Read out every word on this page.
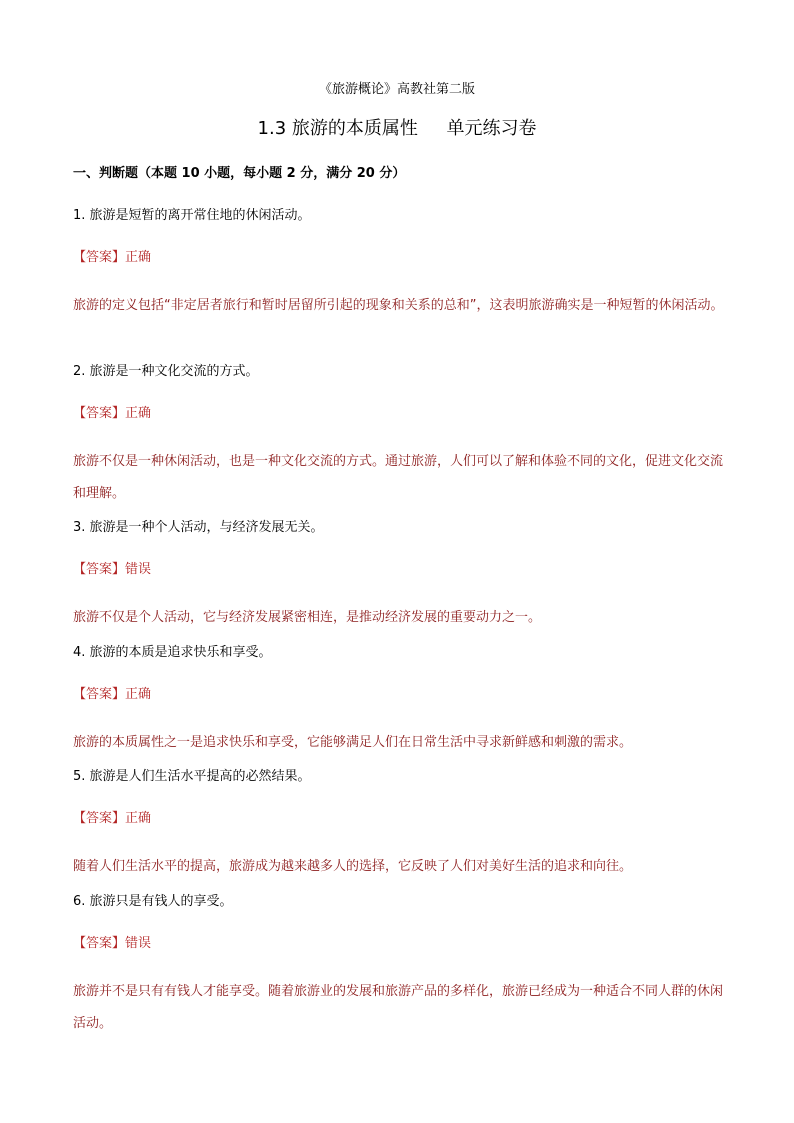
《旅游概论》高教社第二版
1.3 旅游的本质属性     单元练习卷
一、判断题（本题 10 小题，每小题 2 分，满分 20 分）
1. 旅游是短暂的离开常住地的休闲活动。
【答案】正确
旅游的定义包括“非定居者旅行和暂时居留所引起的现象和关系的总和”，这表明旅游确实是一种短暂的休闲活动。
2. 旅游是一种文化交流的方式。
【答案】正确
旅游不仅是一种休闲活动，也是一种文化交流的方式。通过旅游，人们可以了解和体验不同的文化，促进文化交流和理解。
3. 旅游是一种个人活动，与经济发展无关。
【答案】错误
旅游不仅是个人活动，它与经济发展紧密相连，是推动经济发展的重要动力之一。
4. 旅游的本质是追求快乐和享受。
【答案】正确
旅游的本质属性之一是追求快乐和享受，它能够满足人们在日常生活中寻求新鲜感和刺激的需求。
5. 旅游是人们生活水平提高的必然结果。
【答案】正确
随着人们生活水平的提高，旅游成为越来越多人的选择，它反映了人们对美好生活的追求和向往。
6. 旅游只是有钱人的享受。
【答案】错误
旅游并不是只有有钱人才能享受。随着旅游业的发展和旅游产品的多样化，旅游已经成为一种适合不同人群的休闲活动。
